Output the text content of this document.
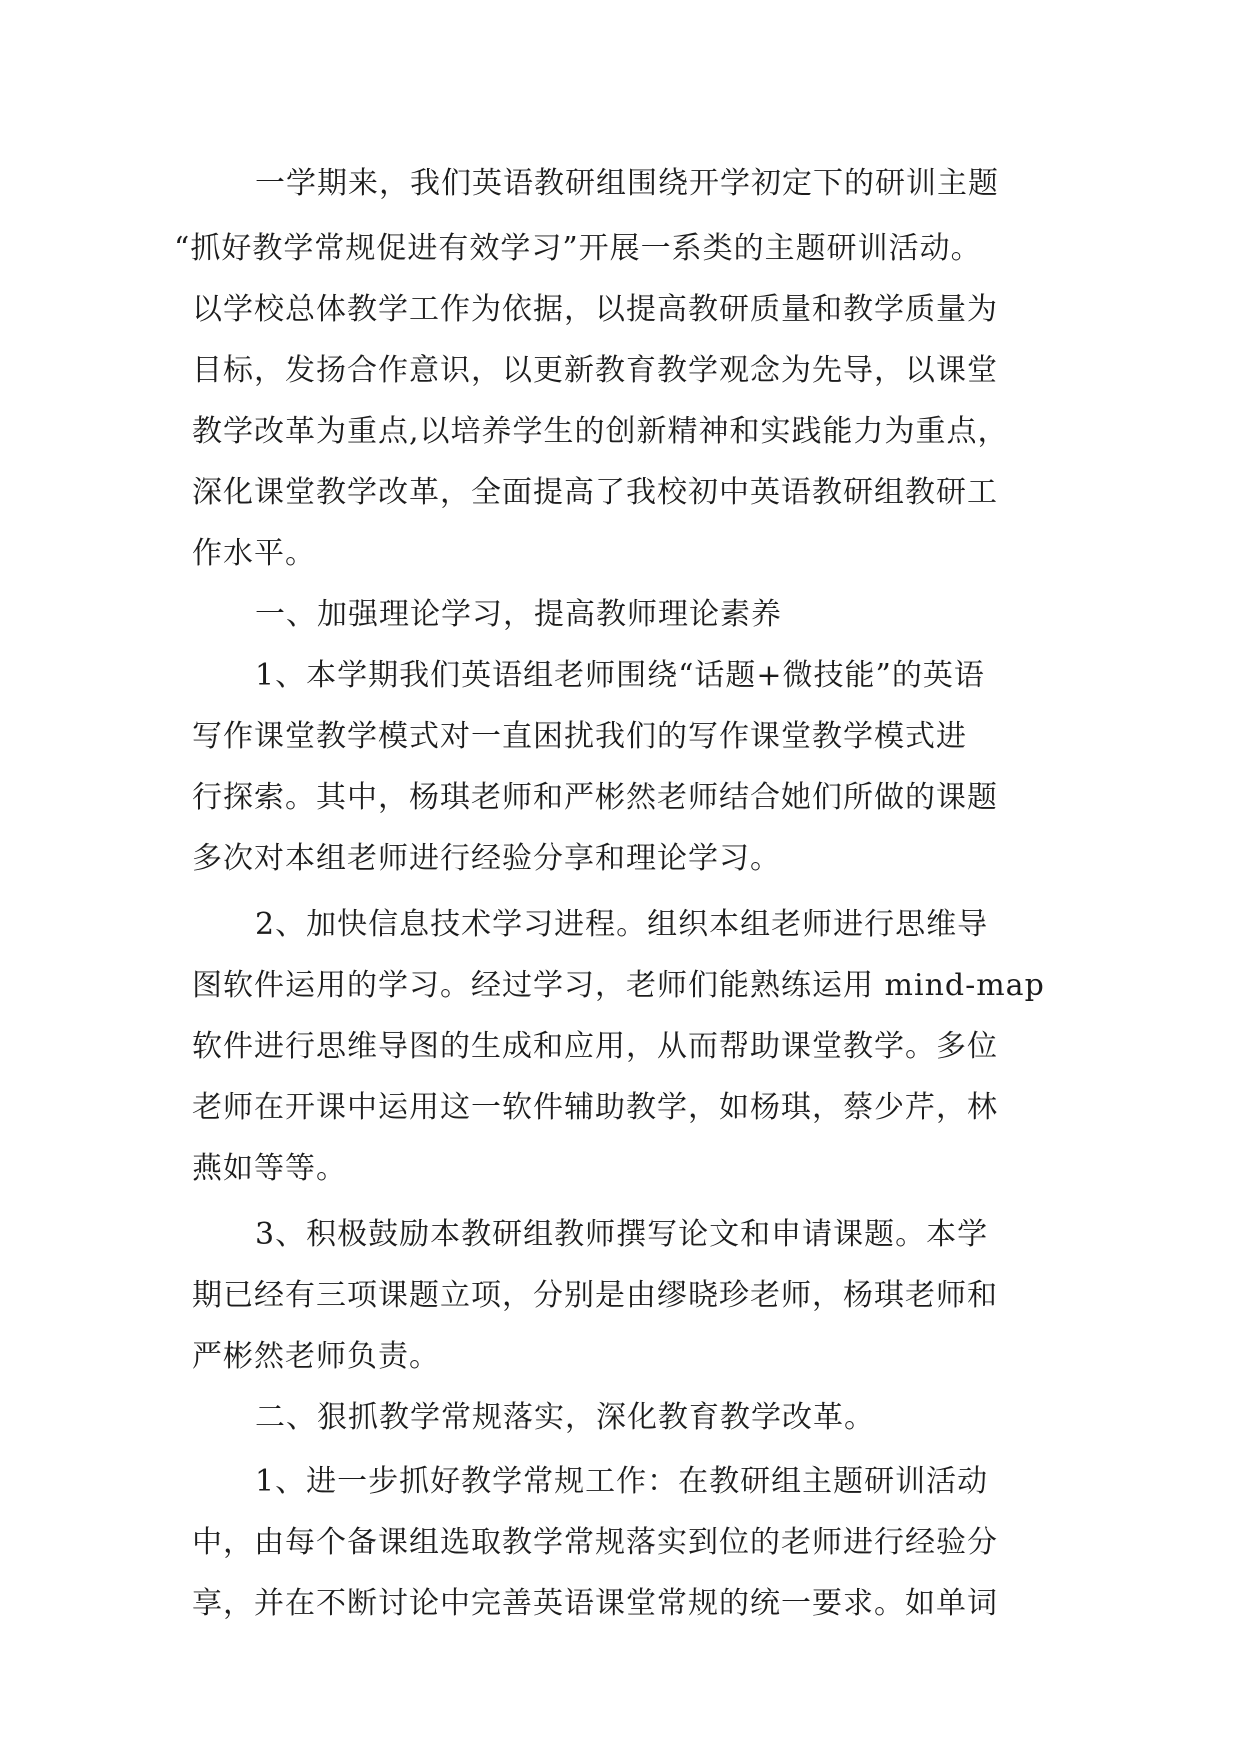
一学期来，我们英语教研组围绕开学初定下的研训主题
“抓好教学常规促进有效学习”开展一系类的主题研训活动。
以学校总体教学工作为依据，以提高教研质量和教学质量为
目标，发扬合作意识，以更新教育教学观念为先导，以课堂
教学改革为重点,以培养学生的创新精神和实践能力为重点，
深化课堂教学改革，全面提高了我校初中英语教研组教研工
作水平。
一、加强理论学习，提高教师理论素养
1、本学期我们英语组老师围绕“话题+微技能”的英语
写作课堂教学模式对一直困扰我们的写作课堂教学模式进
行探索。其中，杨琪老师和严彬然老师结合她们所做的课题
多次对本组老师进行经验分享和理论学习。
2、加快信息技术学习进程。组织本组老师进行思维导
图软件运用的学习。经过学习，老师们能熟练运用 mind-map
软件进行思维导图的生成和应用，从而帮助课堂教学。多位
老师在开课中运用这一软件辅助教学，如杨琪，蔡少芹，林
燕如等等。
3、积极鼓励本教研组教师撰写论文和申请课题。本学
期已经有三项课题立项，分别是由缪晓珍老师，杨琪老师和
严彬然老师负责。
二、狠抓教学常规落实，深化教育教学改革。
1、进一步抓好教学常规工作：在教研组主题研训活动
中，由每个备课组选取教学常规落实到位的老师进行经验分
享，并在不断讨论中完善英语课堂常规的统一要求。如单词
